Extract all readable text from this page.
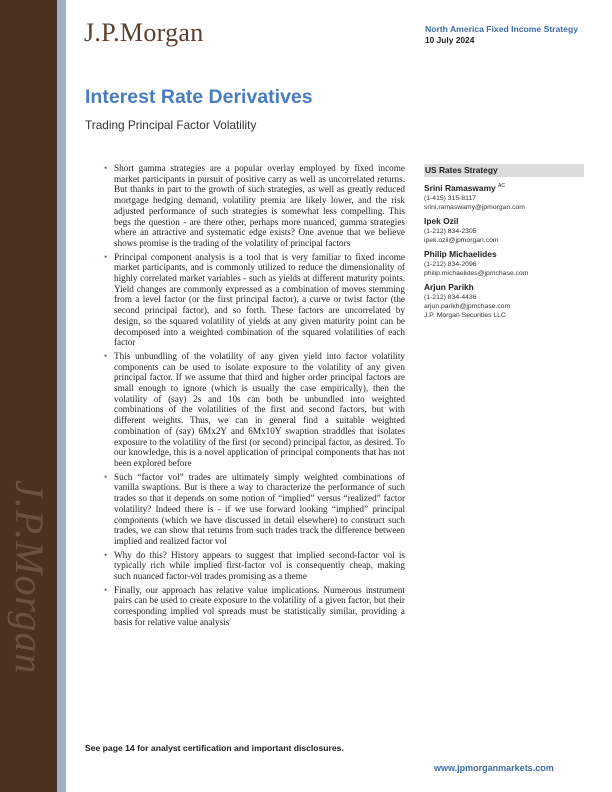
J.P.Morgan
J.P.Morgan	North America Fixed Income Strategy
10 July 2024
Interest Rate Derivatives
Trading Principal Factor Volatility
• Short gamma strategies are a popular overlay employed by fixed income market participants in pursuit of positive carry as well as uncorrelated returns. But thanks in part to the growth of such strategies, as well as greatly reduced mortgage hedging demand, volatility premia are likely lower, and the risk adjusted performance of such strategies is somewhat less compelling. This begs the question - are there other, perhaps more nuanced, gamma strategies where an attractive and systematic edge exists? One avenue that we believe shows promise is the trading of the volatility of principal factors
• Principal component analysis is a tool that is very familiar to fixed income market participants, and is commonly utilized to reduce the dimensionality of highly correlated market variables - such as yields at different maturity points. Yield changes are commonly expressed as a combination of moves stemming from a level factor (or the first principal factor), a curve or twist factor (the second principal factor), and so forth. These factors are uncorrelated by design, so the squared volatility of yields at any given maturity point can be decomposed into a weighted combination of the squared volatilities of each factor
• This unbundling of the volatility of any given yield into factor volatility components can be used to isolate exposure to the volatility of any given principal factor. If we assume that third and higher order principal factors are small enough to ignore (which is usually the case empirically), then the volatility of (say) 2s and 10s can both be unbundled into weighted combinations of the volatilities of the first and second factors, but with different weights. Thus, we can in general find a suitable weighted combination of (say) 6Mx2Y and 6Mx10Y swaption straddles that isolates exposure to the volatility of the first (or second) principal factor, as desired. To our knowledge, this is a novel application of principal components that has not been explored before
• Such “factor vol” trades are ultimately simply weighted combinations of vanilla swaptions. But is there a way to characterize the performance of such trades so that it depends on some notion of “implied” versus “realized” factor volatility? Indeed there is - if we use forward looking “implied” principal components (which we have discussed in detail elsewhere) to construct such trades, we can show that returns from such trades track the difference between implied and realized factor vol
• Why do this? History appears to suggest that implied second-factor vol is typically rich while implied first-factor vol is consequently cheap, making such nuanced factor-vol trades promising as a theme
• Finally, our approach has relative value implications. Numerous instrument pairs can be used to create exposure to the volatility of a given factor, but their corresponding implied vol spreads must be statistically similar, providing a basis for relative value analysis
US Rates Strategy
Srini Ramaswamy $^{AC}$
(1-415) 315-8117
srini.ramaswamy@jpmorgan.com
Ipek Ozil
(1-212) 834-2305
ipek.ozil@jpmorgan.com
Philip Michaelides
(1-212) 834-2096
philip.michaelides@jpmchase.com
Arjun Parikh
(1-212) 834-4436
arjun.parikh@jpmchase.com
J.P. Morgan Securities LLC
See page 14 for analyst certification and important disclosures.
www.jpmorganmarkets.com
